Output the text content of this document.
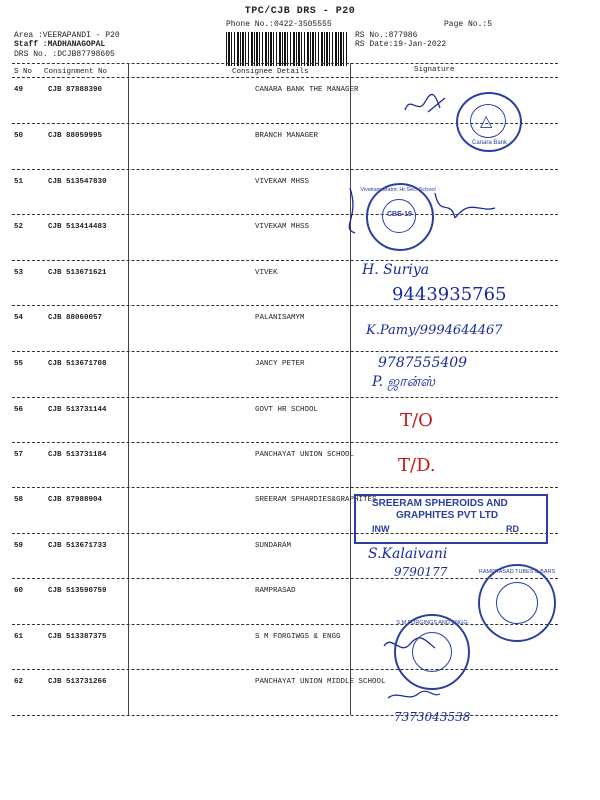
TPC/CJB DRS - P20
Phone No.:0422-3505555	Page No.:5
Area :VEERAPANDI - P20
Staff :MADHANAGOPAL
DRS No. :DCJB87798605
RS No.:877986
RS Date:19-Jan-2022
S No Consignment No	Consignee Details	Signature
49	CJB 87888390	CANARA BANK THE MANAGER
50	CJB 88059995	BRANCH MANAGER
51	CJB 513547830	VIVEKAM MHSS
52	CJB 513414483	VIVEKAM MHSS
53	CJB 513671621	VIVEK
54	CJB 88060057	PALANISAMYM
55	CJB 513671708	JANCY PETER
56	CJB 513731144	GOVT HR SCHOOL
57	CJB 513731184	PANCHAYAT UNION SCHOOL
58	CJB 87988904	SREERAM SPHARDIES&GRAPHITES
59	CJB 513671733	SUNDARAM
60	CJB 513590759	RAMPRASAD
61	CJB 513387375	S M FORGIWGS & ENGG
62	CJB 513731266	PANCHAYAT UNION MIDDLE SCHOOL
H. Suriya
9443935765
K.Pamy/9994644467
9787555409
P. ஜான்ஸ்
T/O
T/D.
S.Kalaivani
9790177
7373043538
△
Canara Bank
Vivekam Matric Hr.Sec. School
CBE-19
SREERAM SPHEROIDS AND
GRAPHITES PVT LTD
INW	RD
RAMPRASAD TUBES & BARS
S M FORGINGS AND ENGG
